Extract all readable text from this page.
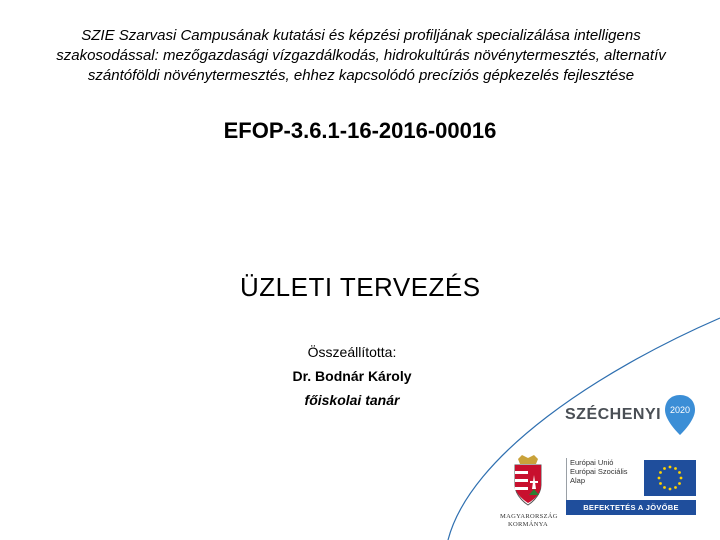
SZIE Szarvasi Campusának kutatási és képzési profiljának specializálása intelligens szakosodással: mezőgazdasági vízgazdálkodás, hidrokultúrás növénytermesztés, alternatív szántóföldi növénytermesztés, ehhez kapcsolódó precíziós gépkezelés fejlesztése
EFOP-3.6.1-16-2016-00016
ÜZLETI TERVEZÉS
Összeállította:
Dr. Bodnár Károly
főiskolai tanár
SZÉCHENYI 2020
MAGYARORSZÁG
KORMÁNYA
Európai Unió
Európai Szociális
Alap
BEFEKTETÉS A JÖVŐBE
